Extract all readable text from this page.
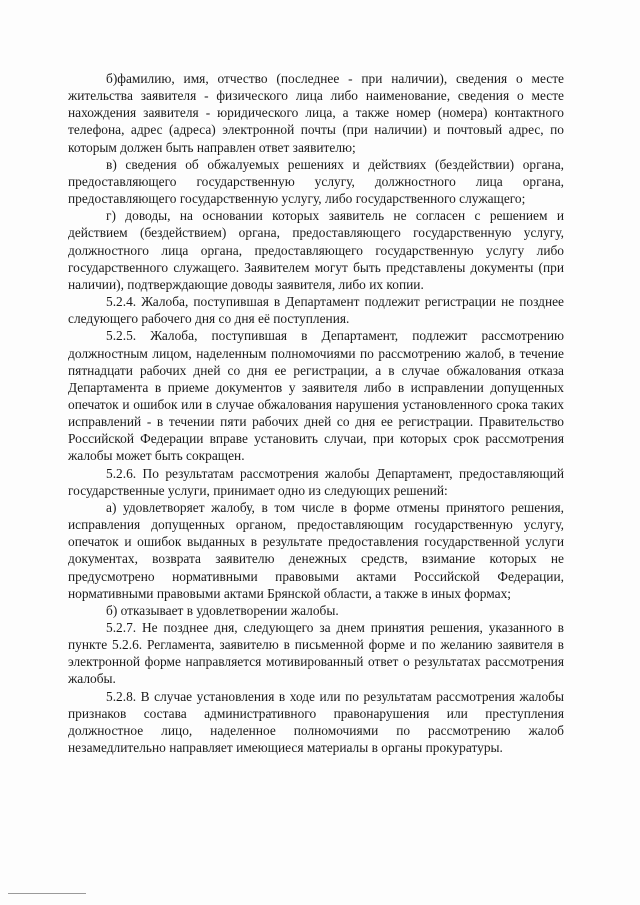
б)фамилию, имя, отчество (последнее - при наличии), сведения о месте жительства заявителя - физического лица либо наименование, сведения о месте нахождения заявителя - юридического лица, а также номер (номера) контактного телефона, адрес (адреса) электронной почты (при наличии) и почтовый адрес, по которым должен быть направлен ответ заявителю;

в) сведения об обжалуемых решениях и действиях (бездействии) органа, предоставляющего государственную услугу, должностного лица органа, предоставляющего государственную услугу, либо государственного служащего;

г) доводы, на основании которых заявитель не согласен с решением и действием (бездействием) органа, предоставляющего государственную услугу, должностного лица органа, предоставляющего государственную услугу либо государственного служащего. Заявителем могут быть представлены документы (при наличии), подтверждающие доводы заявителя, либо их копии.

5.2.4. Жалоба, поступившая в Департамент подлежит регистрации не позднее следующего рабочего дня со дня её поступления.

5.2.5. Жалоба, поступившая в Департамент, подлежит рассмотрению должностным лицом, наделенным полномочиями по рассмотрению жалоб, в течение пятнадцати рабочих дней со дня ее регистрации, а в случае обжалования отказа Департамента в приеме документов у заявителя либо в исправлении допущенных опечаток и ошибок или в случае обжалования нарушения установленного срока таких исправлений - в течении пяти рабочих дней со дня ее регистрации. Правительство Российской Федерации вправе установить случаи, при которых срок рассмотрения жалобы может быть сокращен.

5.2.6. По результатам рассмотрения жалобы Департамент, предоставляющий государственные услуги, принимает одно из следующих решений:

а) удовлетворяет жалобу, в том числе в форме отмены принятого решения, исправления допущенных органом, предоставляющим государственную услугу, опечаток и ошибок выданных в результате предоставления государственной услуги документах, возврата заявителю денежных средств, взимание которых не предусмотрено нормативными правовыми актами Российской Федерации, нормативными правовыми актами Брянской области, а также в иных формах;

б) отказывает в удовлетворении жалобы.

5.2.7. Не позднее дня, следующего за днем принятия решения, указанного в пункте 5.2.6. Регламента, заявителю в письменной форме и по желанию заявителя в электронной форме направляется мотивированный ответ о результатах рассмотрения жалобы.

5.2.8. В случае установления в ходе или по результатам рассмотрения жалобы признаков состава административного правонарушения или преступления должностное лицо, наделенное полномочиями по рассмотрению жалоб незамедлительно направляет имеющиеся материалы в органы прокуратуры.
